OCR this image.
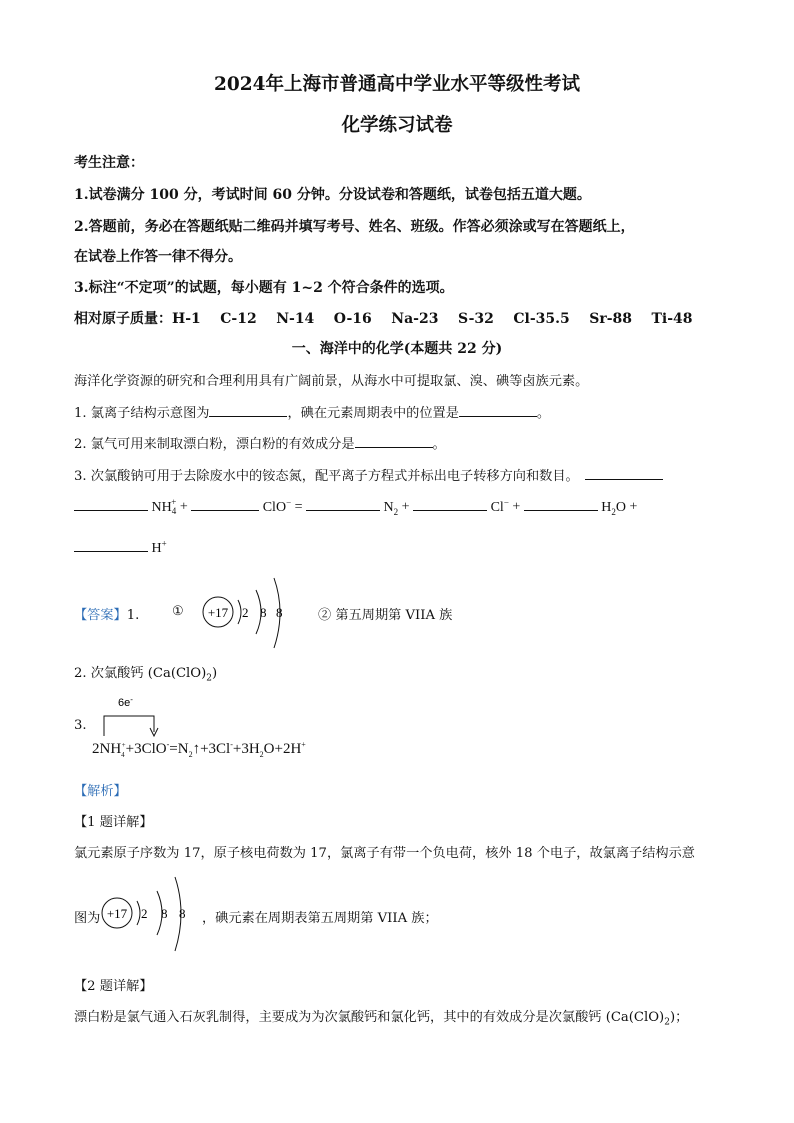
2024年上海市普通高中学业水平等级性考试
化学练习试卷
考生注意：
1.试卷满分 100 分，考试时间 60 分钟。分设试卷和答题纸，试卷包括五道大题。
2.答题前，务必在答题纸贴二维码并填写考号、姓名、班级。作答必须涂或写在答题纸上，
在试卷上作答一律不得分。
3.标注“不定项”的试题，每小题有 1~2 个符合条件的选项。
相对原子质量：H-1    C-12    N-14    O-16    Na-23    S-32    Cl-35.5    Sr-88    Ti-48
一、海洋中的化学(本题共 22 分)
海洋化学资源的研究和合理利用具有广阔前景，从海水中可提取氯、溴、碘等卤族元素。
1. 氯离子结构示意图为	，碘在元素周期表中的位置是	。
2. 氯气可用来制取漂白粉，漂白粉的有效成分是	。
3. 次氯酸钠可用于去除废水中的铵态氮，配平离子方程式并标出电子转移方向和数目。
$NH_4^+$ +	ClO− =	$N_2$ +	Cl− +	$H_2O$ +
H+
【答案】1. ① +17 2 8 8	② 第五周期第 VIIA 族
2. 次氯酸钙 $(Ca(ClO)_2)$
3.
6e-
$2NH_4^++3ClO^-=N_2↑+3Cl^-+3H_2O+2H^+$
【解析】
【1 题详解】
氯元素原子序数为 17，原子核电荷数为 17，氯离子有带一个负电荷，核外 18 个电子，故氯离子结构示意
图为 +17 2 8 8 ，碘元素在周期表第五周期第 VIIA 族；
【2 题详解】
漂白粉是氯气通入石灰乳制得，主要成为为次氯酸钙和氯化钙，其中的有效成分是次氯酸钙 $(Ca(ClO)_2)$；
